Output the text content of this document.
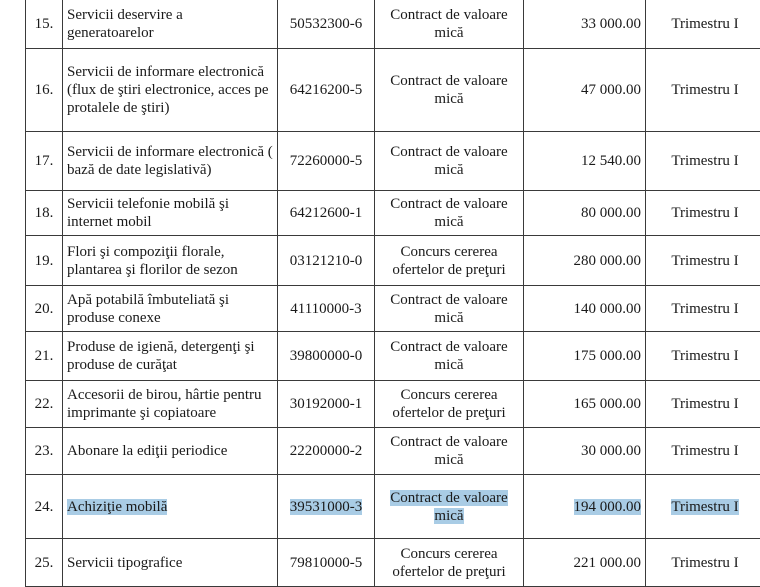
15.	Servicii deservire a generatoarelor	50532300-6	Contract de valoare mică	33 000.00	Trimestru I
16.	Servicii de informare electronică (flux de ştiri electronice, acces pe protalele de ştiri)	64216200-5	Contract de valoare mică	47 000.00	Trimestru I
17.	Servicii de informare electronică ( bază de date legislativă)	72260000-5	Contract de valoare mică	12 540.00	Trimestru I
18.	Servicii telefonie mobilă şi internet mobil	64212600-1	Contract de valoare mică	80 000.00	Trimestru I
19.	Flori şi compoziţii florale, plantarea şi florilor de sezon	03121210-0	Concurs cererea ofertelor de preţuri	280 000.00	Trimestru I
20.	Apă potabilă îmbuteliată şi produse conexe	41110000-3	Contract de valoare mică	140 000.00	Trimestru I
21.	Produse de igienă, detergenţi şi produse de curăţat	39800000-0	Contract de valoare mică	175 000.00	Trimestru I
22.	Accesorii de birou, hârtie pentru imprimante şi copiatoare	30192000-1	Concurs cererea ofertelor de preţuri	165 000.00	Trimestru I
23.	Abonare la ediţii periodice	22200000-2	Contract de valoare mică	30 000.00	Trimestru I
24.	Achiziţie mobilă	39531000-3	Contract de valoare mică	194 000.00	Trimestru I
25.	Servicii tipografice	79810000-5	Concurs cererea ofertelor de preţuri	221 000.00	Trimestru I
